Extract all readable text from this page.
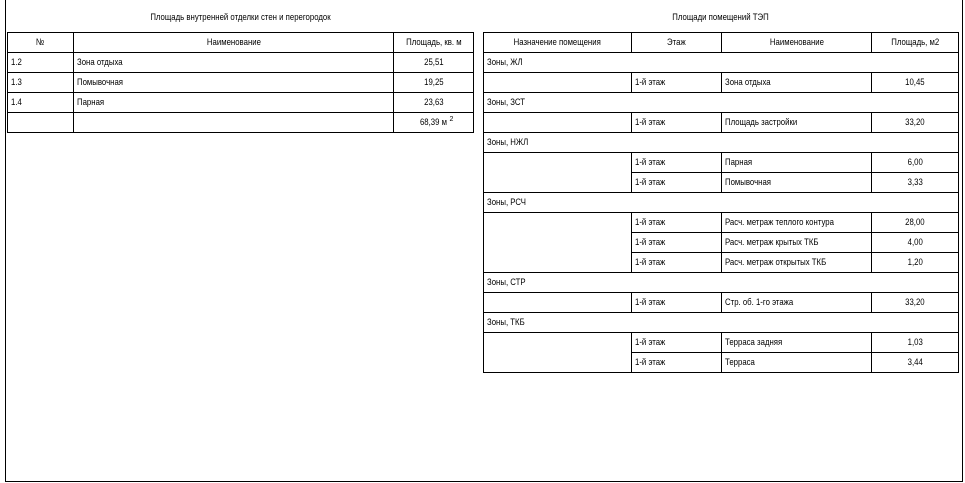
Площадь внутренней отделки стен и перегородок
№	Наименование	Площадь, кв. м
1.2	Зона отдыха	25,51
1.3	Помывочная	19,25
1.4	Парная	23,63
		68,39 м $^2$
Площади помещений ТЭП
Назначение помещения	Этаж	Наименование	Площадь, м2
Зоны, ЖЛ			
	1-й этаж	Зона отдыха	10,45
Зоны, ЗСТ			
	1-й этаж	Площадь застройки	33,20
Зоны, НЖЛ			
	1-й этаж	Парная	6,00
	1-й этаж	Помывочная	3,33
Зоны, РСЧ			
	1-й этаж	Расч. метраж теплого контура	28,00
	1-й этаж	Расч. метраж крытых ТКБ	4,00
	1-й этаж	Расч. метраж открытых ТКБ	1,20
Зоны, СТР			
	1-й этаж	Стр. об. 1-го этажа	33,20
Зоны, ТКБ			
	1-й этаж	Терраса задняя	1,03
	1-й этаж	Терраса	3,44
